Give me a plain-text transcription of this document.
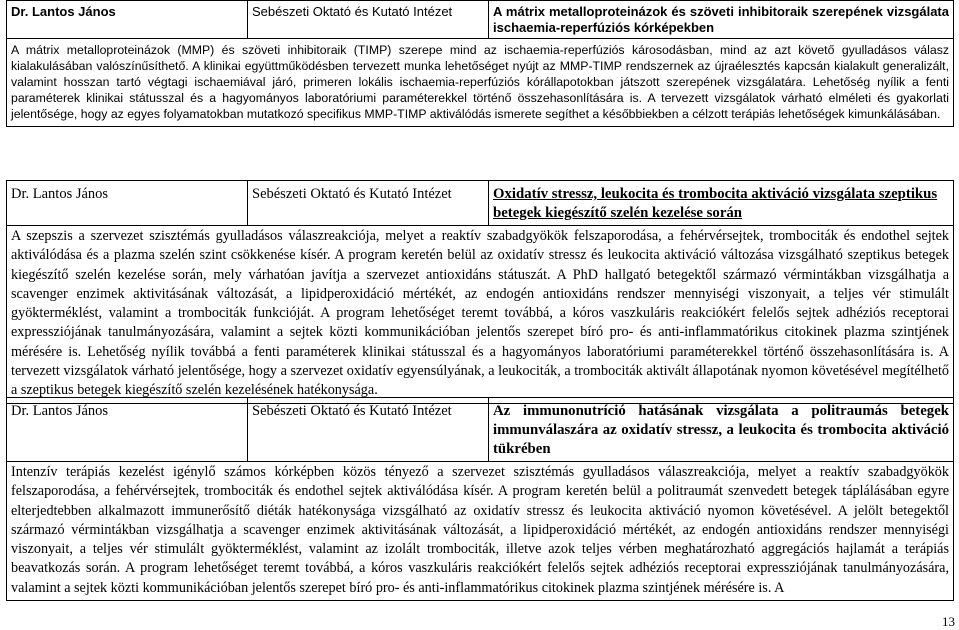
Dr. Lantos János	Sebészeti Oktató és Kutató Intézet	A mátrix metalloproteinázok és szöveti inhibitoraik szerepének vizsgálata ischaemia-reperfúziós kórképekben
A mátrix metalloproteinázok (MMP) és szöveti inhibitoraik (TIMP) szerepe mind az ischaemia-reperfúziós károsodásban, mind az azt követő gyulladásos válasz kialakulásában valószínűsíthető. A klinikai együttműködésben tervezett munka lehetőséget nyújt az MMP-TIMP rendszernek az újraélesztés kapcsán kialakult generalizált, valamint hosszan tartó végtagi ischaemiával járó, primeren lokális ischaemia-reperfúziós kórállapotokban játszott szerepének vizsgálatára. Lehetőség nyílik a fenti paraméterek klinikai státusszal és a hagyományos laboratóriumi paraméterekkel történő összehasonlítására is. A tervezett vizsgálatok várható elméleti és gyakorlati jelentősége, hogy az egyes folyamatokban mutatkozó specifikus MMP-TIMP aktiválódás ismerete segíthet a későbbiekben a célzott terápiás lehetőségek kimunkálásában.
Dr. Lantos János	Sebészeti Oktató és Kutató Intézet	Oxidatív stressz, leukocita és trombocita aktiváció vizsgálata szeptikus betegek kiegészítő szelén kezelése során
A szepszis a szervezet szisztémás gyulladásos válaszreakciója, melyet a reaktív szabadgyökök felszaporodása, a fehérvérsejtek, trombociták és endothel sejtek aktiválódása és a plazma szelén szint csökkenése kísér. A program keretén belül az oxidatív stressz és leukocita aktiváció változása vizsgálható szeptikus betegek kiegészítő szelén kezelése során, mely várhatóan javítja a szervezet antioxidáns státuszát. A PhD hallgató betegektől származó vérmintákban vizsgálhatja a scavenger enzimek aktivitásának változását, a lipidperoxidáció mértékét, az endogén antioxidáns rendszer mennyiségi viszonyait, a teljes vér stimulált gyökterméklést, valamint a trombociták funkcióját. A program lehetőséget teremt továbbá, a kóros vaszkuláris reakciókért felelős sejtek adhéziós receptorai expressziójának tanulmányozására, valamint a sejtek közti kommunikációban jelentős szerepet bíró pro- és anti-inflammatórikus citokinek plazma szintjének mérésére is. Lehetőség nyílik továbbá a fenti paraméterek klinikai státusszal és a hagyományos laboratóriumi paraméterekkel történő összehasonlítására is. A tervezett vizsgálatok várható jelentősége, hogy a szervezet oxidatív egyensúlyának, a leukociták, a trombociták aktivált állapotának nyomon követésével megítélhető a szeptikus betegek kiegészítő szelén kezelésének hatékonysága.
Dr. Lantos János	Sebészeti Oktató és Kutató Intézet	Az immunonutríció hatásának vizsgálata a politraumás betegek immunválaszára az oxidatív stressz, a leukocita és trombocita aktiváció tükrében
Intenzív terápiás kezelést igénylő számos kórképben közös tényező a szervezet szisztémás gyulladásos válaszreakciója, melyet a reaktív szabadgyökök felszaporodása, a fehérvérsejtek, trombociták és endothel sejtek aktiválódása kísér. A program keretén belül a politraumát szenvedett betegek táplálásában egyre elterjedtebben alkalmazott immunerősítő diéták hatékonysága vizsgálható az oxidatív stressz és leukocita aktiváció nyomon követésével. A jelölt betegektől származó vérmintákban vizsgálhatja a scavenger enzimek aktivitásának változását, a lipidperoxidáció mértékét, az endogén antioxidáns rendszer mennyiségi viszonyait, a teljes vér stimulált gyökterméklést, valamint az izolált trombociták, illetve azok teljes vérben meghatározható aggregációs hajlamát a terápiás beavatkozás során. A program lehetőséget teremt továbbá, a kóros vaszkuláris reakciókért felelős sejtek adhéziós receptorai expressziójának tanulmányozására, valamint a sejtek közti kommunikációban jelentős szerepet bíró pro- és anti-inflammatórikus citokinek plazma szintjének mérésére is. A
13
